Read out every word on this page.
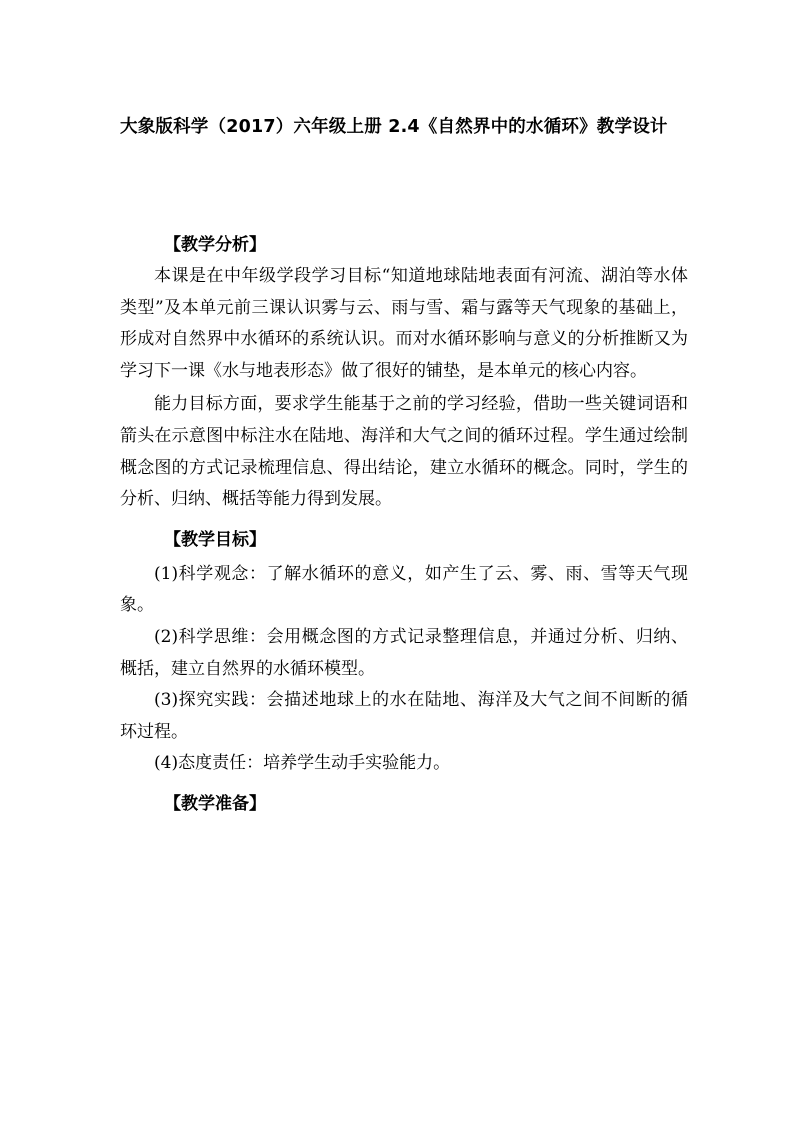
大象版科学（2017）六年级上册 2.4《自然界中的水循环》教学设计
【教学分析】

本课是在中年级学段学习目标“知道地球陆地表面有河流、湖泊等水体类型”及本单元前三课认识雾与云、雨与雪、霜与露等天气现象的基础上，形成对自然界中水循环的系统认识。而对水循环影响与意义的分析推断又为学习下一课《水与地表形态》做了很好的铺垫，是本单元的核心内容。

能力目标方面，要求学生能基于之前的学习经验，借助一些关键词语和箭头在示意图中标注水在陆地、海洋和大气之间的循环过程。学生通过绘制概念图的方式记录梳理信息、得出结论，建立水循环的概念。同时，学生的分析、归纳、概括等能力得到发展。

【教学目标】

(1)科学观念：了解水循环的意义，如产生了云、雾、雨、雪等天气现象。

(2)科学思维：会用概念图的方式记录整理信息，并通过分析、归纳、概括，建立自然界的水循环模型。

(3)探究实践：会描述地球上的水在陆地、海洋及大气之间不间断的循环过程。

(4)态度责任：培养学生动手实验能力。

【教学准备】
